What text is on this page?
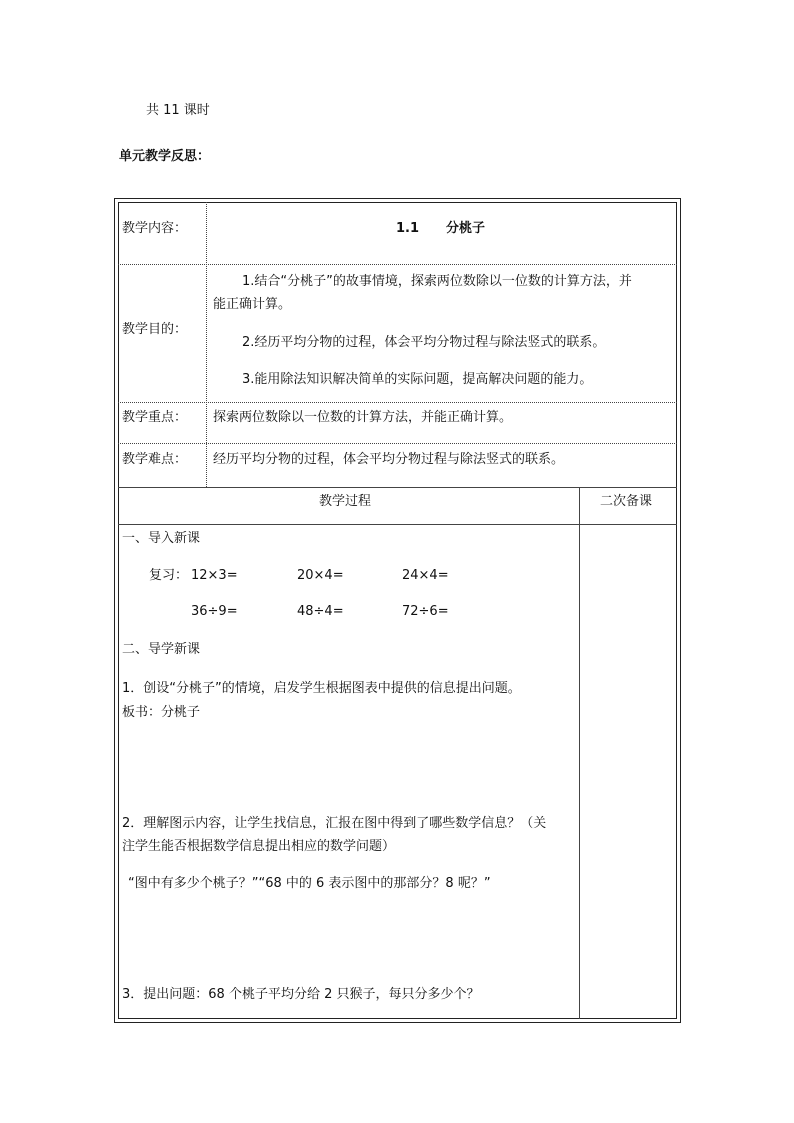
共 11 课时
单元教学反思：
教学内容：	1.1 分桃子
教学目的：
1.结合“分桃子”的故事情境，探索两位数除以一位数的计算方法，并
能正确计算。
2.经历平均分物的过程，体会平均分物过程与除法竖式的联系。
3.能用除法知识解决简单的实际问题，提高解决问题的能力。
教学重点： 探索两位数除以一位数的计算方法，并能正确计算。
教学难点： 经历平均分物的过程，体会平均分物过程与除法竖式的联系。
教学过程	二次备课
一、导入新课
复习： 12×3=	20×4=	24×4=
36÷9=	48÷4=	72÷6=
二、导学新课
1．创设“分桃子”的情境，启发学生根据图表中提供的信息提出问题。
板书：分桃子
2．理解图示内容，让学生找信息，汇报在图中得到了哪些数学信息？（关
注学生能否根据数学信息提出相应的数学问题）
“图中有多少个桃子？”“68 中的 6 表示图中的那部分？8 呢？”
3．提出问题：68 个桃子平均分给 2 只猴子，每只分多少个？
